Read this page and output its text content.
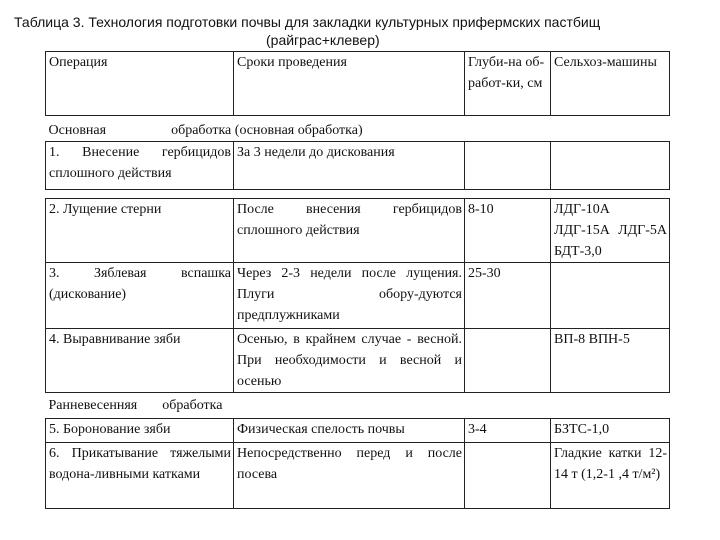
Таблица 3. Технология подготовки почвы для закладки культурных прифермских пастбищ
(райграс+клевер)
Операция	Сроки проведения	Глуби-на об-работ-ки, см	Сельхоз-машины
Основная обработка (основная обработка)			
1. Внесение гербицидов сплошного действия	За 3 недели до дискования		

2. Лущение стерни	После внесения гербицидов сплошного действия	8-10	ЛДГ-10А ЛДГ-15А ЛДГ-5А БДТ-3,0
3. Зяблевая вспашка (дискование)	Через 2-3 недели после лущения. Плуги обору-дуются предплужниками	25-30	
4. Выравнивание зяби	Осенью, в крайнем случае - весной. При необходимости и весной и осенью		ВП-8 ВПН-5
Ранневесенняя обработка			
5. Боронование зяби	Физическая спелость почвы	3-4	БЗТС-1,0
6. Прикатывание тяжелыми водона-ливными катками	Непосредственно перед и после посева		Гладкие катки 12-14 т (1,2-1 ,4 т/м²)
